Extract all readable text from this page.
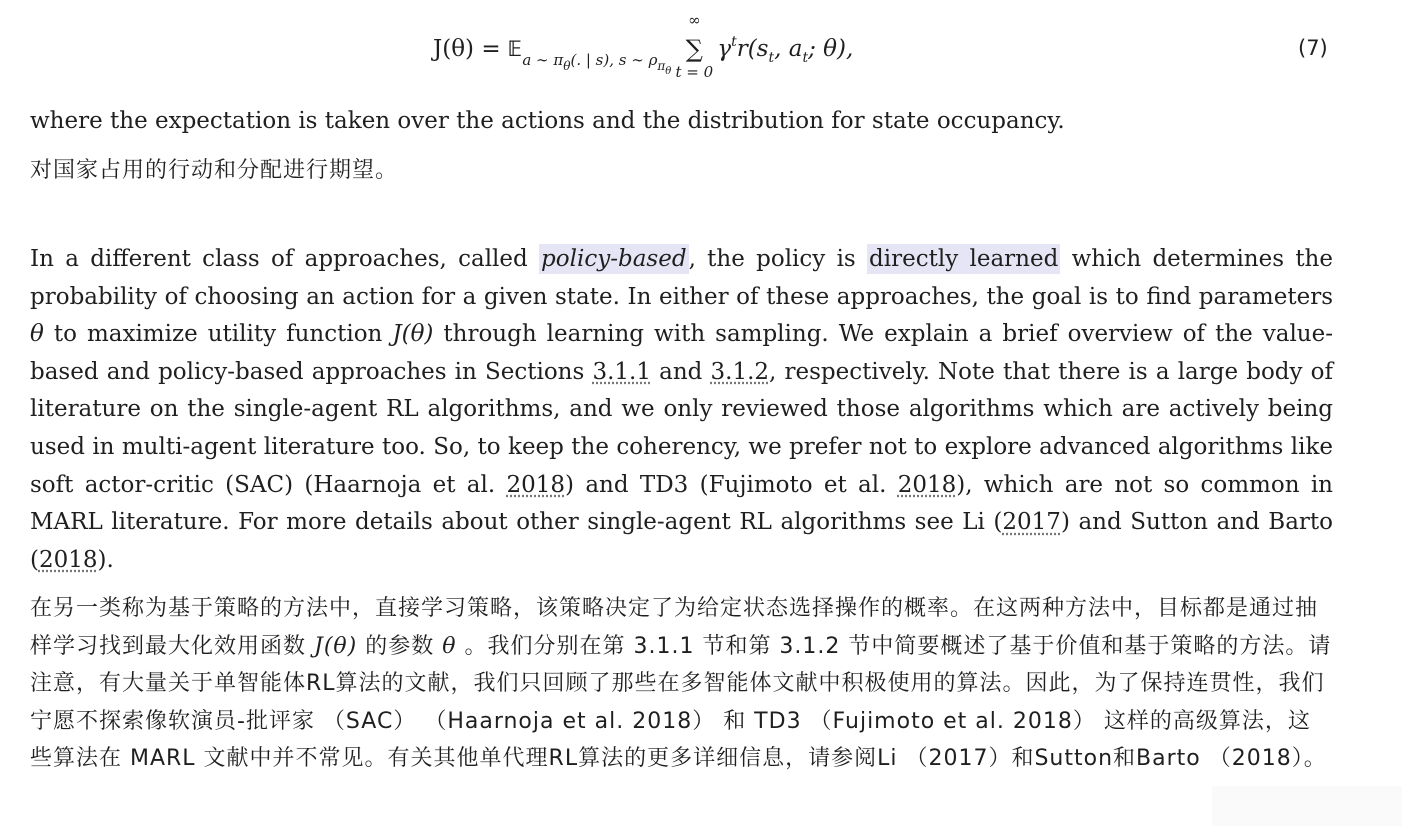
J(θ) = 𝔼a ∼ πθ(. | s), s ∼ $\rho\pi_\theta$
∞
∑
t = 0
$\gamma^tr(s_t$, $a_t$; θ),	(7)
where the expectation is taken over the actions and the distribution for state occupancy.
对国家占用的行动和分配进行期望。
In a different class of approaches, called policy-based, the policy is directly learned which determines the probability of choosing an action for a given state. In either of these approaches, the goal is to find parameters θ to maximize utility function J(θ) through learning with sampling. We explain a brief overview of the value-based and policy-based approaches in Sections 3.1.1 and 3.1.2, respectively. Note that there is a large body of literature on the single-agent RL algorithms, and we only reviewed those algorithms which are actively being used in multi-agent literature too. So, to keep the coherency, we prefer not to explore advanced algorithms like soft actor-critic (SAC) (Haarnoja et al. 2018) and TD3 (Fujimoto et al. 2018), which are not so common in MARL literature. For more details about other single-agent RL algorithms see Li (2017) and Sutton and Barto (2018).
在另一类称为基于策略的方法中，直接学习策略，该策略决定了为给定状态选择操作的概率。在这两种方法中，目标都是通过抽样学习找到最大化效用函数 J(θ) 的参数 θ 。我们分别在第 3.1.1 节和第 3.1.2 节中简要概述了基于价值和基于策略的方法。请注意，有大量关于单智能体RL算法的文献，我们只回顾了那些在多智能体文献中积极使用的算法。因此，为了保持连贯性，我们宁愿不探索像软演员-批评家 （SAC） （Haarnoja et al. 2018） 和 TD3 （Fujimoto et al. 2018） 这样的高级算法，这些算法在 MARL 文献中并不常见。有关其他单代理RL算法的更多详细信息，请参阅Li （2017）和Sutton和Barto （2018）。
